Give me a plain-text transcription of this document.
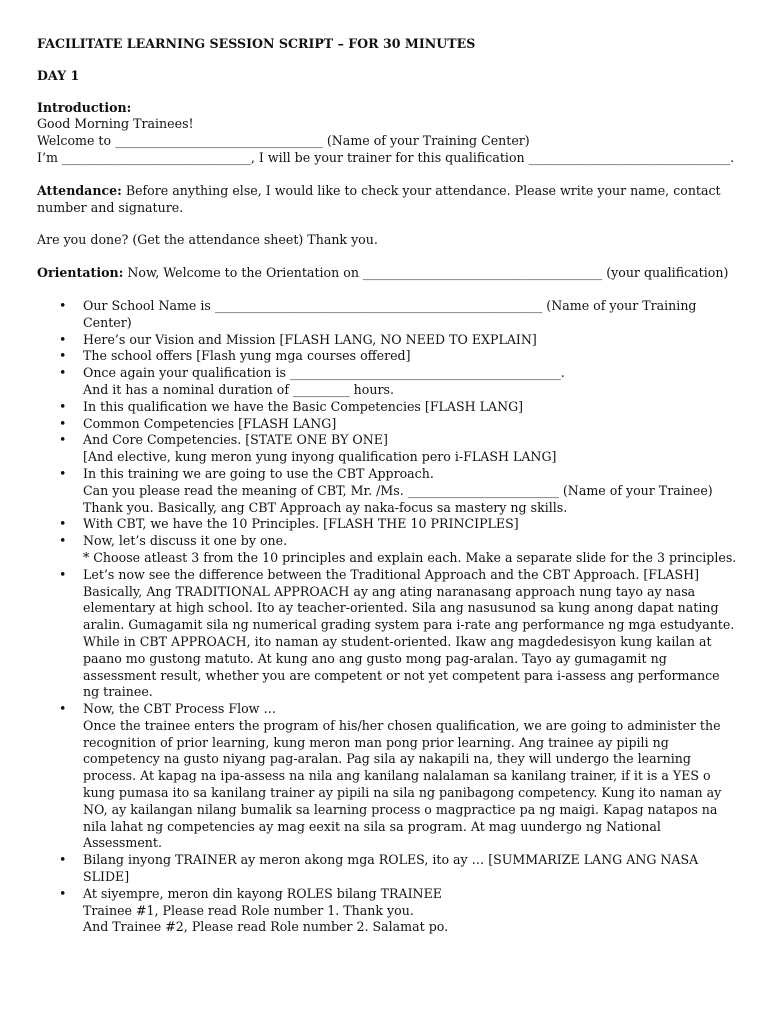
FACILITATE LEARNING SESSION SCRIPT – FOR 30 MINUTES
DAY 1
Introduction:
Good Morning Trainees!
Welcome to _________________________________ (Name of your Training Center)
I’m ______________________________, I will be your trainer for this qualification ________________________________.
Attendance: Before anything else, I would like to check your attendance. Please write your name, contact number and signature.
Are you done? (Get the attendance sheet) Thank you.
Orientation: Now, Welcome to the Orientation on ______________________________________ (your qualification)
• Our School Name is ____________________________________________________ (Name of your Training Center)
• Here’s our Vision and Mission [FLASH LANG, NO NEED TO EXPLAIN]
• The school offers [Flash yung mga courses offered]
• Once again your qualification is ___________________________________________.
And it has a nominal duration of _________ hours.
• In this qualification we have the Basic Competencies [FLASH LANG]
• Common Competencies [FLASH LANG]
• And Core Competencies. [STATE ONE BY ONE]
[And elective, kung meron yung inyong qualification pero i-FLASH LANG]
• In this training we are going to use the CBT Approach.
Can you please read the meaning of CBT, Mr. /Ms. ________________________ (Name of your Trainee)
Thank you. Basically, ang CBT Approach ay naka-focus sa mastery ng skills.
• With CBT, we have the 10 Principles. [FLASH THE 10 PRINCIPLES]
• Now, let’s discuss it one by one.
* Choose atleast 3 from the 10 principles and explain each. Make a separate slide for the 3 principles.
• Let’s now see the difference between the Traditional Approach and the CBT Approach. [FLASH] Basically, Ang TRADITIONAL APPROACH ay ang ating naranasang approach nung tayo ay nasa elementary at high school. Ito ay teacher-oriented. Sila ang nasusunod sa kung anong dapat nating aralin. Gumagamit sila ng numerical grading system para i-rate ang performance ng mga estudyante. While in CBT APPROACH, ito naman ay student-oriented. Ikaw ang magdedesisyon kung kailan at paano mo gustong matuto. At kung ano ang gusto mong pag-aralan. Tayo ay gumagamit ng assessment result, whether you are competent or not yet competent para i-assess ang performance ng trainee.
• Now, the CBT Process Flow …
Once the trainee enters the program of his/her chosen qualification, we are going to administer the recognition of prior learning, kung meron man pong prior learning. Ang trainee ay pipili ng competency na gusto niyang pag-aralan. Pag sila ay nakapili na, they will undergo the learning process. At kapag na ipa-assess na nila ang kanilang nalalaman sa kanilang trainer, if it is a YES o kung pumasa ito sa kanilang trainer ay pipili na sila ng panibagong competency. Kung ito naman ay NO, ay kailangan nilang bumalik sa learning process o magpractice pa ng maigi. Kapag natapos na nila lahat ng competencies ay mag eexit na sila sa program. At mag uundergo ng National Assessment.
• Bilang inyong TRAINER ay meron akong mga ROLES, ito ay … [SUMMARIZE LANG ANG NASA SLIDE]
• At siyempre, meron din kayong ROLES bilang TRAINEE
Trainee #1, Please read Role number 1. Thank you.
And Trainee #2, Please read Role number 2. Salamat po.
